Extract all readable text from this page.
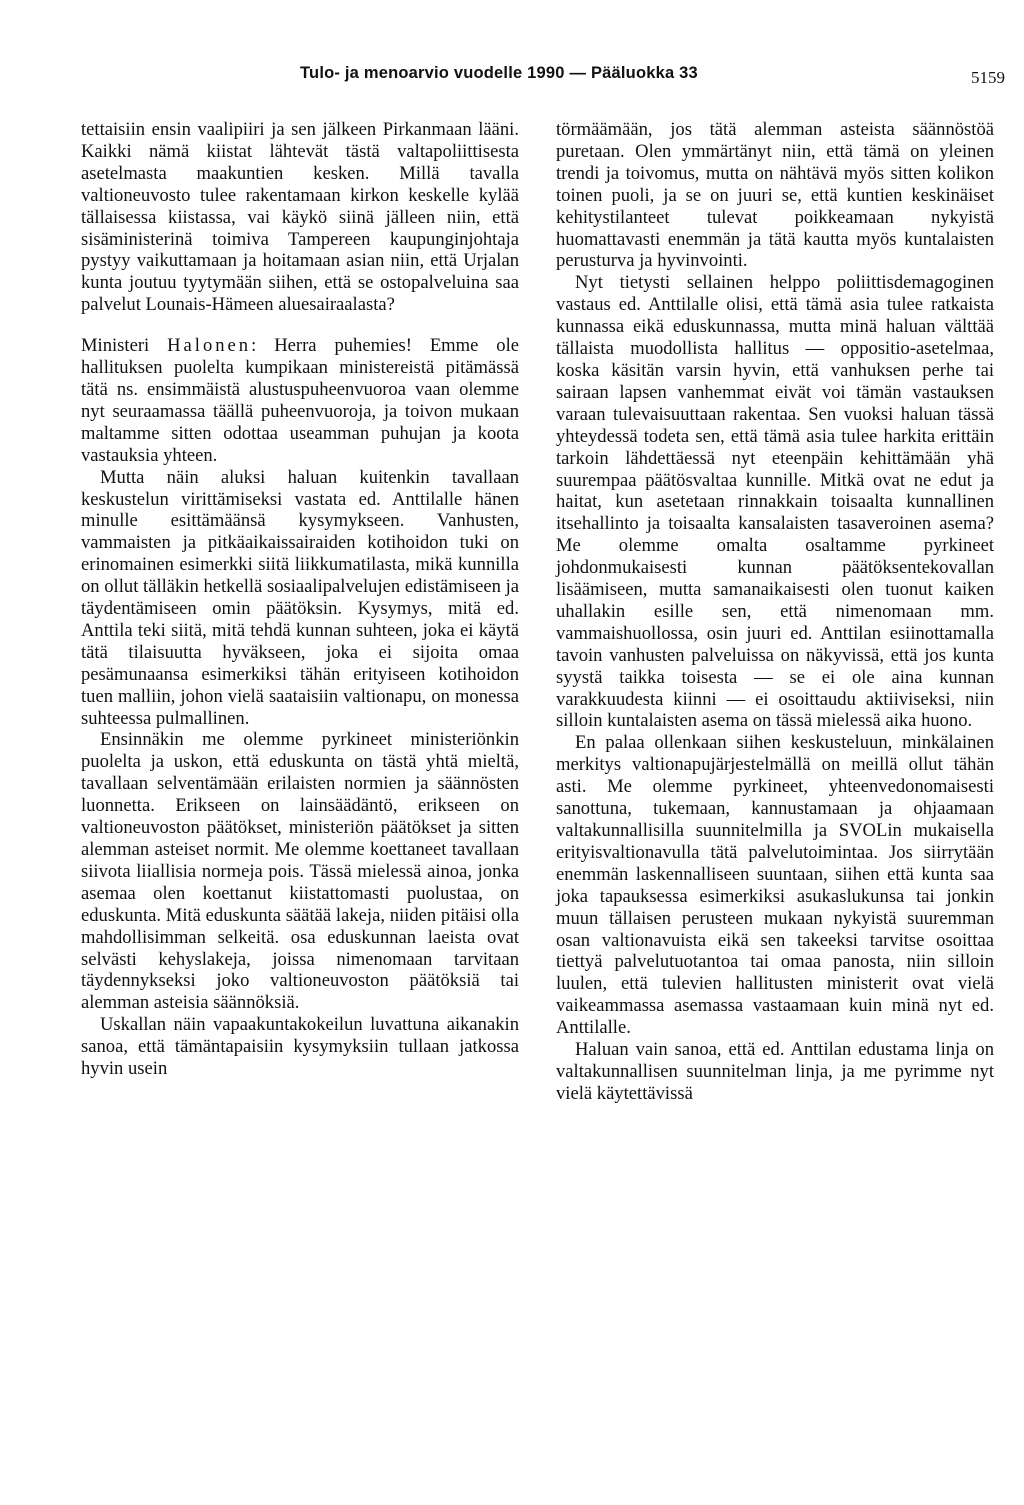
Tulo- ja menoarvio vuodelle 1990 — Pääluokka 33	5159

tettaisiin ensin vaalipiiri ja sen jälkeen Pirkanmaan lääni. Kaikki nämä kiistat lähtevät tästä valtapoliittisesta asetelmasta maakuntien kesken. Millä tavalla valtioneuvosto tulee rakentamaan kirkon keskelle kylää tällaisessa kiistassa, vai käykö siinä jälleen niin, että sisäministerinä toimiva Tampereen kaupunginjohtaja pystyy vaikuttamaan ja hoitamaan asian niin, että Urjalan kunta joutuu tyytymään siihen, että se ostopalveluina saa palvelut Lounais-Hämeen aluesairaalasta?

Ministeri Halonen: Herra puhemies! Emme ole hallituksen puolelta kumpikaan ministereistä pitämässä tätä ns. ensimmäistä alustuspuheenvuoroa vaan olemme nyt seuraamassa täällä puheenvuoroja, ja toivon mukaan maltamme sitten odottaa useamman puhujan ja koota vastauksia yhteen.

Mutta näin aluksi haluan kuitenkin tavallaan keskustelun virittämiseksi vastata ed. Anttilalle hänen minulle esittämäänsä kysymykseen. Vanhusten, vammaisten ja pitkäaikaissairaiden kotihoidon tuki on erinomainen esimerkki siitä liikkumatilasta, mikä kunnilla on ollut tälläkin hetkellä sosiaalipalvelujen edistämiseen ja täydentämiseen omin päätöksin. Kysymys, mitä ed. Anttila teki siitä, mitä tehdä kunnan suhteen, joka ei käytä tätä tilaisuutta hyväkseen, joka ei sijoita omaa pesämunaansa esimerkiksi tähän erityiseen kotihoidon tuen malliin, johon vielä saataisiin valtionapu, on monessa suhteessa pulmallinen.

Ensinnäkin me olemme pyrkineet ministeriönkin puolelta ja uskon, että eduskunta on tästä yhtä mieltä, tavallaan selventämään erilaisten normien ja säännösten luonnetta. Erikseen on lainsäädäntö, erikseen on valtioneuvoston päätökset, ministeriön päätökset ja sitten alemman asteiset normit. Me olemme koettaneet tavallaan siivota liiallisia normeja pois. Tässä mielessä ainoa, jonka asemaa olen koettanut kiistattomasti puolustaa, on eduskunta. Mitä eduskunta säätää lakeja, niiden pitäisi olla mahdollisimman selkeitä. osa eduskunnan laeista ovat selvästi kehyslakeja, joissa nimenomaan tarvitaan täydennykseksi joko valtioneuvoston päätöksiä tai alemman asteisia säännöksiä.

Uskallan näin vapaakuntakokeilun luvattuna aikanakin sanoa, että tämäntapaisiin kysymyksiin tullaan jatkossa hyvin usein

törmäämään, jos tätä alemman asteista säännöstöä puretaan. Olen ymmärtänyt niin, että tämä on yleinen trendi ja toivomus, mutta on nähtävä myös sitten kolikon toinen puoli, ja se on juuri se, että kuntien keskinäiset kehitystilanteet tulevat poikkeamaan nykyistä huomattavasti enemmän ja tätä kautta myös kuntalaisten perusturva ja hyvinvointi.

Nyt tietysti sellainen helppo poliittisdemagoginen vastaus ed. Anttilalle olisi, että tämä asia tulee ratkaista kunnassa eikä eduskunnassa, mutta minä haluan välttää tällaista muodollista hallitus — oppositio-asetelmaa, koska käsitän varsin hyvin, että vanhuksen perhe tai sairaan lapsen vanhemmat eivät voi tämän vastauksen varaan tulevaisuuttaan rakentaa. Sen vuoksi haluan tässä yhteydessä todeta sen, että tämä asia tulee harkita erittäin tarkoin lähdettäessä nyt eteenpäin kehittämään yhä suurempaa päätösvaltaa kunnille. Mitkä ovat ne edut ja haitat, kun asetetaan rinnakkain toisaalta kunnallinen itsehallinto ja toisaalta kansalaisten tasaveroinen asema? Me olemme omalta osaltamme pyrkineet johdonmukaisesti kunnan päätöksentekovallan lisäämiseen, mutta samanaikaisesti olen tuonut kaiken uhallakin esille sen, että nimenomaan mm. vammaishuollossa, osin juuri ed. Anttilan esiinottamalla tavoin vanhusten palveluissa on näkyvissä, että jos kunta syystä taikka toisesta — se ei ole aina kunnan varakkuudesta kiinni — ei osoittaudu aktiiviseksi, niin silloin kuntalaisten asema on tässä mielessä aika huono.

En palaa ollenkaan siihen keskusteluun, minkälainen merkitys valtionapujärjestelmällä on meillä ollut tähän asti. Me olemme pyrkineet, yhteenvedonomaisesti sanottuna, tukemaan, kannustamaan ja ohjaamaan valtakunnallisilla suunnitelmilla ja SVOLin mukaisella erityisvaltionavulla tätä palvelutoimintaa. Jos siirrytään enemmän laskennalliseen suuntaan, siihen että kunta saa joka tapauksessa esimerkiksi asukaslukunsa tai jonkin muun tällaisen perusteen mukaan nykyistä suuremman osan valtionavuista eikä sen takeeksi tarvitse osoittaa tiettyä palvelutuotantoa tai omaa panosta, niin silloin luulen, että tulevien hallitusten ministerit ovat vielä vaikeammassa asemassa vastaamaan kuin minä nyt ed. Anttilalle.

Haluan vain sanoa, että ed. Anttilan edustama linja on valtakunnallisen suunnitelman linja, ja me pyrimme nyt vielä käytettävissä
